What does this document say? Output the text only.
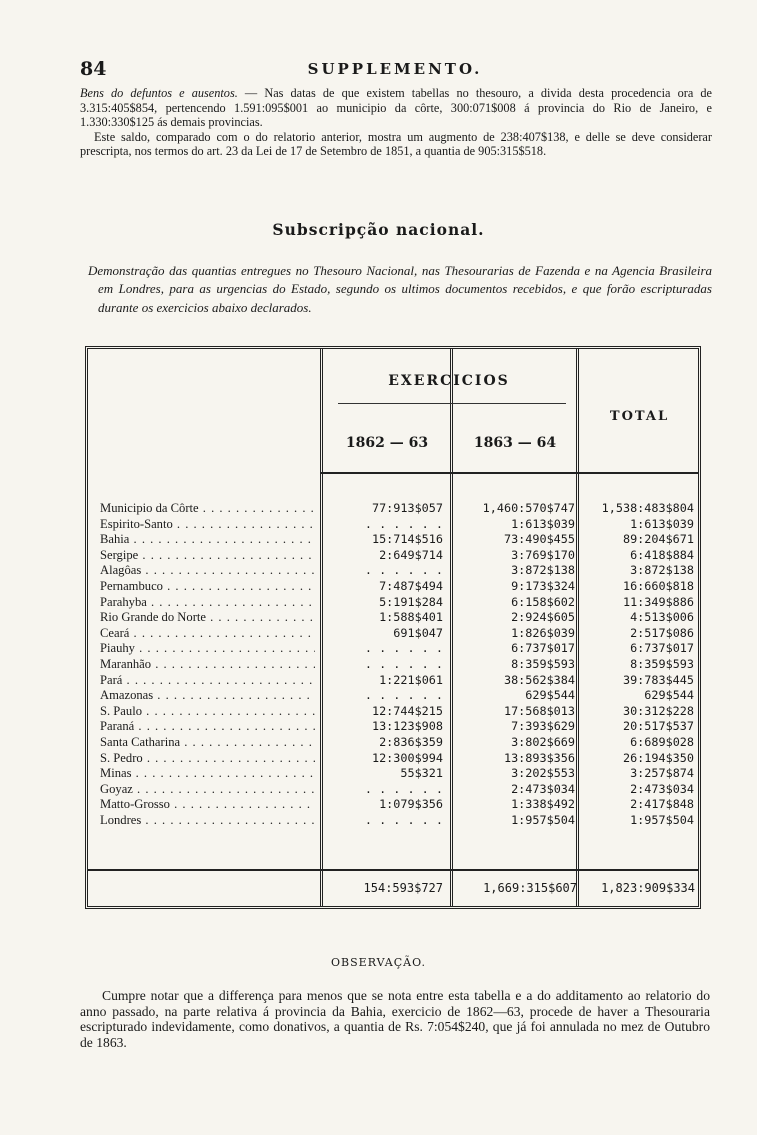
84	SUPPLEMENTO.

Bens do defuntos e ausentos. — Nas datas de que existem tabellas no thesouro, a divida desta procedencia ora de 3.315:405$854, pertencendo 1.591:095$001 ao municipio da côrte, 300:071$008 á provincia do Rio de Janeiro, e 1.330:330$125 ás demais provincias.

Este saldo, comparado com o do relatorio anterior, mostra um augmento de 238:407$138, e delle se deve considerar prescripta, nos termos do art. 23 da Lei de 17 de Setembro de 1851, a quantia de 905:315$518.

Subscripção nacional.

Demonstração das quantias entregues no Thesouro Nacional, nas Thesourarias de Fazenda e na Agencia Brasileira em Londres, para as urgencias do Estado, segundo os ultimos documentos recebidos, e que forão escripturadas durante os exercicios abaixo declarados.

EXERCICIOS
TOTAL
1862 — 63	1863 — 64
Municipio da Côrte . . .	77:913$057	1,460:570$747	1,538:483$804
Espirito-Santo . . .	. . . . . .	1:613$039	1:613$039
Bahia . . .	15:714$516	73:490$455	89:204$671
Sergipe . . .	2:649$714	3:769$170	6:418$884
Alagôas . . .	. . . . . .	3:872$138	3:872$138
Pernambuco . . .	7:487$494	9:173$324	16:660$818
Parahyba . . .	5:191$284	6:158$602	11:349$886
Rio Grande do Norte . . .	1:588$401	2:924$605	4:513$006
Ceará . . .	691$047	1:826$039	2:517$086
Piauhy . . .	. . . . . .	6:737$017	6:737$017
Maranhão . . .	. . . . . .	8:359$593	8:359$593
Pará . . .	1:221$061	38:562$384	39:783$445
Amazonas . . .	. . . . . .	629$544	629$544
S. Paulo . . .	12:744$215	17:568$013	30:312$228
Paraná . . .	13:123$908	7:393$629	20:517$537
Santa Catharina . . .	2:836$359	3:802$669	6:689$028
S. Pedro . . .	12:300$994	13:893$356	26:194$350
Minas . . .	55$321	3:202$553	3:257$874
Goyaz . . .	. . . . . .	2:473$034	2:473$034
Matto-Grosso . . .	1:079$356	1:338$492	2:417$848
Londres . . .	. . . . . .	1:957$504	1:957$504
154:593$727	1,669:315$607	1,823:909$334
OBSERVAÇÃO.

Cumpre notar que a differença para menos que se nota entre esta tabella e a do additamento ao relatorio do anno passado, na parte relativa á provincia da Bahia, exercicio de 1862—63, procede de haver a Thesouraria escripturado indevidamente, como donativos, a quantia de Rs. 7:054$240, que já foi annulada no mez de Outubro de 1863.
